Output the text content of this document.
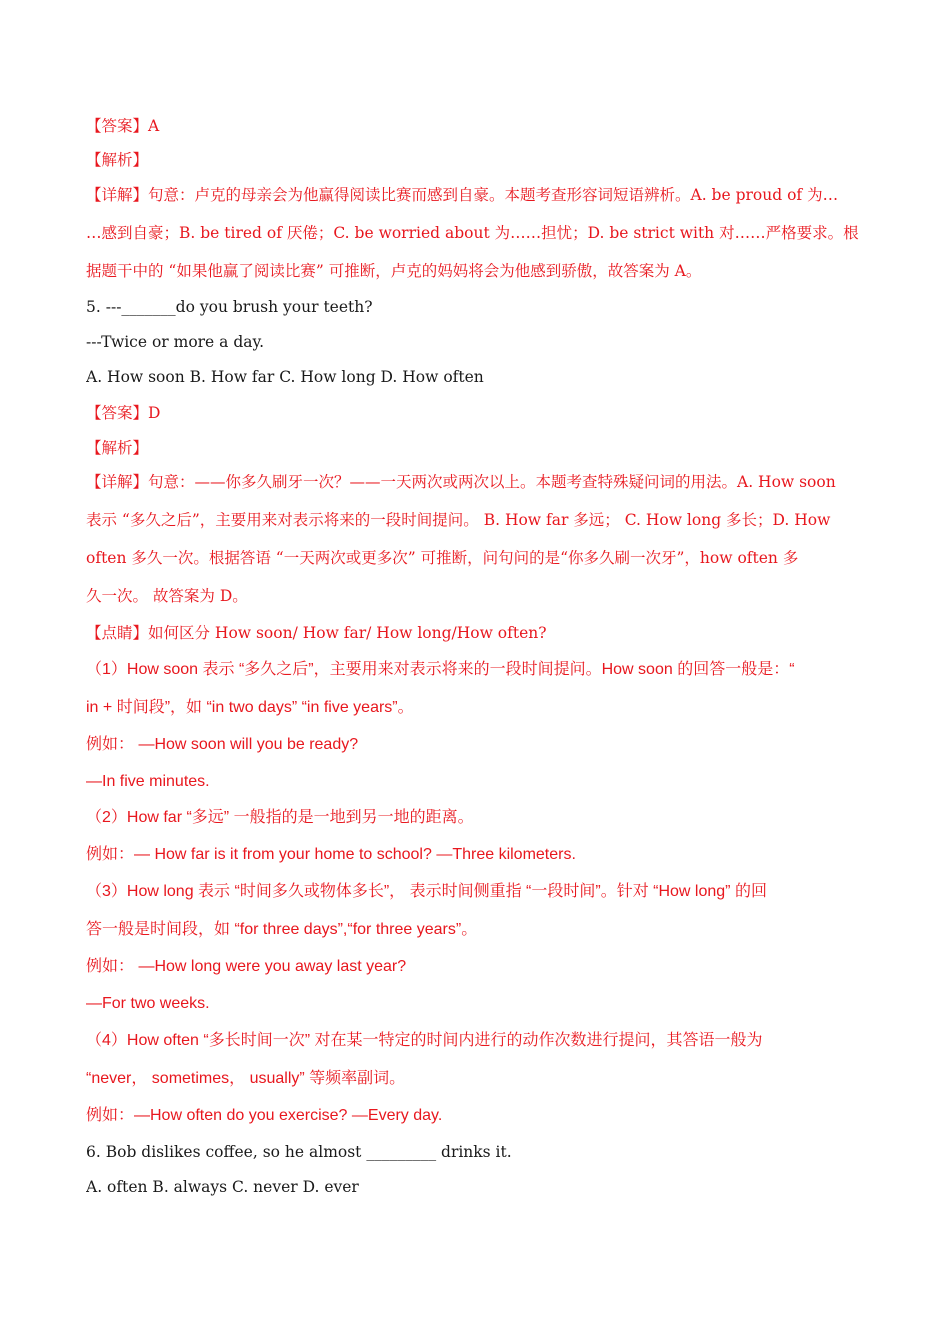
【答案】A
【解析】
【详解】句意：卢克的母亲会为他赢得阅读比赛而感到自豪。本题考查形容词短语辨析。A. be proud of 为…
…感到自豪；B. be tired of 厌倦；C. be worried about 为……担忧；D. be strict with 对……严格要求。根
据题干中的 “如果他赢了阅读比赛” 可推断，卢克的妈妈将会为他感到骄傲，故答案为 A。
5. ---_______do you brush your teeth?
---Twice or more a day.
A. How soon B. How far C. How long D. How often
【答案】D
【解析】
【详解】句意：——你多久刷牙一次？——一天两次或两次以上。本题考查特殊疑问词的用法。A. How soon
表示 “多久之后”，主要用来对表示将来的一段时间提问。 B. How far 多远； C. How long 多长；D. How
often 多久一次。根据答语 “一天两次或更多次” 可推断，问句问的是“你多久刷一次牙”，how often 多
久一次。 故答案为 D。
【点睛】如何区分 How soon/ How far/ How long/How often?
（1）How soon 表示 “多久之后”，主要用来对表示将来的一段时间提问。How soon 的回答一般是：“
in + 时间段”，如 “in two days” “in five years”。
例如： —How soon will you be ready?
—In five minutes.
（2）How far “多远” 一般指的是一地到另一地的距离。
例如：— How far is it from your home to school? —Three kilometers.
（3）How long 表示 “时间多久或物体多长”， 表示时间侧重指 “一段时间”。针对 “How long” 的回
答一般是时间段，如 “for three days”,“for three years”。
例如： —How long were you away last year?
—For two weeks.
（4）How often “多长时间一次” 对在某一特定的时间内进行的动作次数进行提问，其答语一般为
“never， sometimes， usually” 等频率副词。
例如：—How often do you exercise? —Every day.
6. Bob dislikes coffee, so he almost _________ drinks it.
A. often B. always C. never D. ever
